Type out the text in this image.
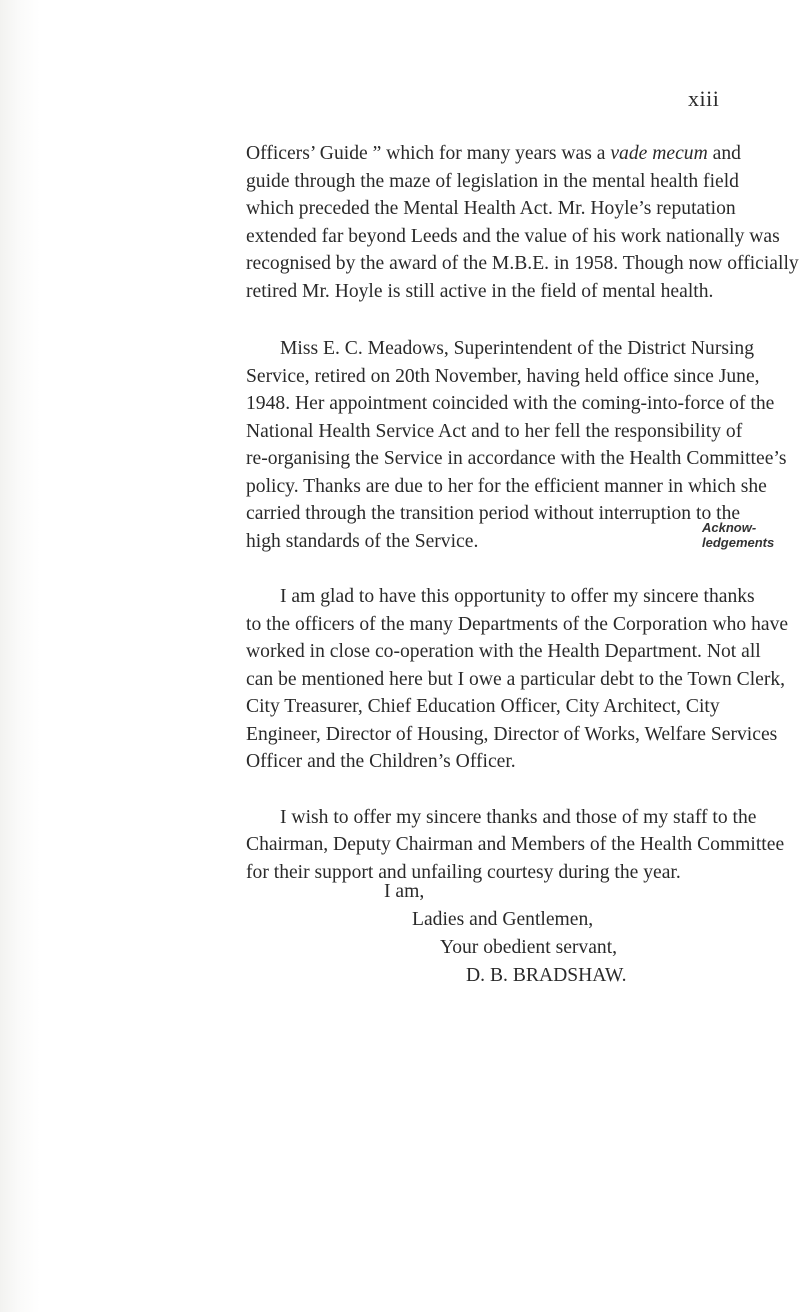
xiii
Officers’ Guide ” which for many years was a vade mecum and
guide through the maze of legislation in the mental health field
which preceded the Mental Health Act. Mr. Hoyle’s reputation
extended far beyond Leeds and the value of his work nationally was
recognised by the award of the M.B.E. in 1958. Though now officially
retired Mr. Hoyle is still active in the field of mental health.
Miss E. C. Meadows, Superintendent of the District Nursing
Service, retired on 20th November, having held office since June,
1948. Her appointment coincided with the coming-into-force of the
National Health Service Act and to her fell the responsibility of
re-organising the Service in accordance with the Health Committee’s
policy. Thanks are due to her for the efficient manner in which she
carried through the transition period without interruption to the
high standards of the Service.
I am glad to have this opportunity to offer my sincere thanks
to the officers of the many Departments of the Corporation who have
worked in close co-operation with the Health Department. Not all
can be mentioned here but I owe a particular debt to the Town Clerk,
City Treasurer, Chief Education Officer, City Architect, City
Engineer, Director of Housing, Director of Works, Welfare Services
Officer and the Children’s Officer.
I wish to offer my sincere thanks and those of my staff to the
Chairman, Deputy Chairman and Members of the Health Committee
for their support and unfailing courtesy during the year.
Acknow-
ledgements
I am,
Ladies and Gentlemen,
Your obedient servant,
D. B. BRADSHAW.
